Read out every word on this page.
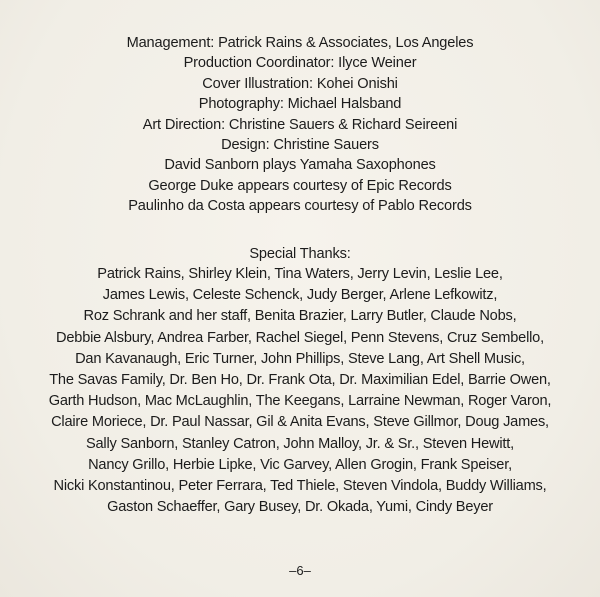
Management: Patrick Rains & Associates, Los Angeles
Production Coordinator: Ilyce Weiner
Cover Illustration: Kohei Onishi
Photography: Michael Halsband
Art Direction: Christine Sauers & Richard Seireeni
Design: Christine Sauers
David Sanborn plays Yamaha Saxophones
George Duke appears courtesy of Epic Records
Paulinho da Costa appears courtesy of Pablo Records
Special Thanks:
Patrick Rains, Shirley Klein, Tina Waters, Jerry Levin, Leslie Lee,
James Lewis, Celeste Schenck, Judy Berger, Arlene Lefkowitz,
Roz Schrank and her staff, Benita Brazier, Larry Butler, Claude Nobs,
Debbie Alsbury, Andrea Farber, Rachel Siegel, Penn Stevens, Cruz Sembello,
Dan Kavanaugh, Eric Turner, John Phillips, Steve Lang, Art Shell Music,
The Savas Family, Dr. Ben Ho, Dr. Frank Ota, Dr. Maximilian Edel, Barrie Owen,
Garth Hudson, Mac McLaughlin, The Keegans, Larraine Newman, Roger Varon,
Claire Moriece, Dr. Paul Nassar, Gil & Anita Evans, Steve Gillmor, Doug James,
Sally Sanborn, Stanley Catron, John Malloy, Jr. & Sr., Steven Hewitt,
Nancy Grillo, Herbie Lipke, Vic Garvey, Allen Grogin, Frank Speiser,
Nicki Konstantinou, Peter Ferrara, Ted Thiele, Steven Vindola, Buddy Williams,
Gaston Schaeffer, Gary Busey, Dr. Okada, Yumi, Cindy Beyer
–6–
